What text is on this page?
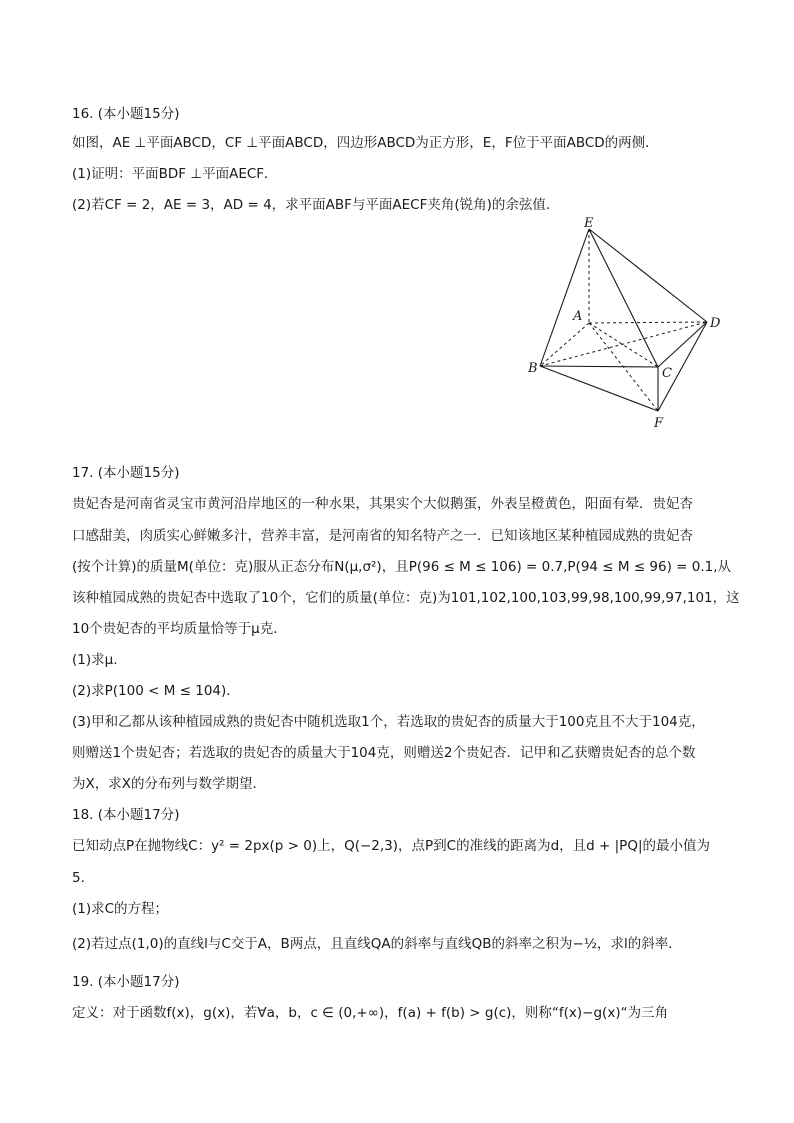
16. (本小题15分)
如图，AE ⊥平面ABCD，CF ⊥平面ABCD，四边形ABCD为正方形，E，F位于平面ABCD的两侧．
(1)证明：平面BDF ⊥平面AECF．
(2)若CF = 2，AE = 3，AD = 4，求平面ABF与平面AECF夹角(锐角)的余弦值．
E
A	D
B	C
F
17. (本小题15分)
贵妃杏是河南省灵宝市黄河沿岸地区的一种水果，其果实个大似鹅蛋，外表呈橙黄色，阳面有晕．贵妃杏
口感甜美，肉质实心鲜嫩多汁，营养丰富，是河南省的知名特产之一．已知该地区某种植园成熟的贵妃杏
(按个计算)的质量M(单位：克)服从正态分布N(μ,σ²)，且P(96 ≤ M ≤ 106) = 0.7,P(94 ≤ M ≤ 96) = 0.1,从
该种植园成熟的贵妃杏中选取了10个，它们的质量(单位：克)为101,102,100,103,99,98,100,99,97,101，这
10个贵妃杏的平均质量恰等于μ克．
(1)求μ.
(2)求P(100 < M ≤ 104)．
(3)甲和乙都从该种植园成熟的贵妃杏中随机选取1个，若选取的贵妃杏的质量大于100克且不大于104克，
则赠送1个贵妃杏；若选取的贵妃杏的质量大于104克，则赠送2个贵妃杏．记甲和乙获赠贵妃杏的总个数
为X，求X的分布列与数学期望．
18. (本小题17分)
已知动点P在抛物线C：y² = 2px(p > 0)上，Q(−2,3)，点P到C的准线的距离为d，且d + |PQ|的最小值为
5．
(1)求C的方程；
(2)若过点(1,0)的直线l与C交于A，B两点，且直线QA的斜率与直线QB的斜率之积为−½，求l的斜率．
19. (本小题17分)
定义：对于函数f(x)，g(x)，若∀a，b，c ∈ (0,+∞)，f(a) + f(b) > g(c)，则称“f(x)−g(x)“为三角
